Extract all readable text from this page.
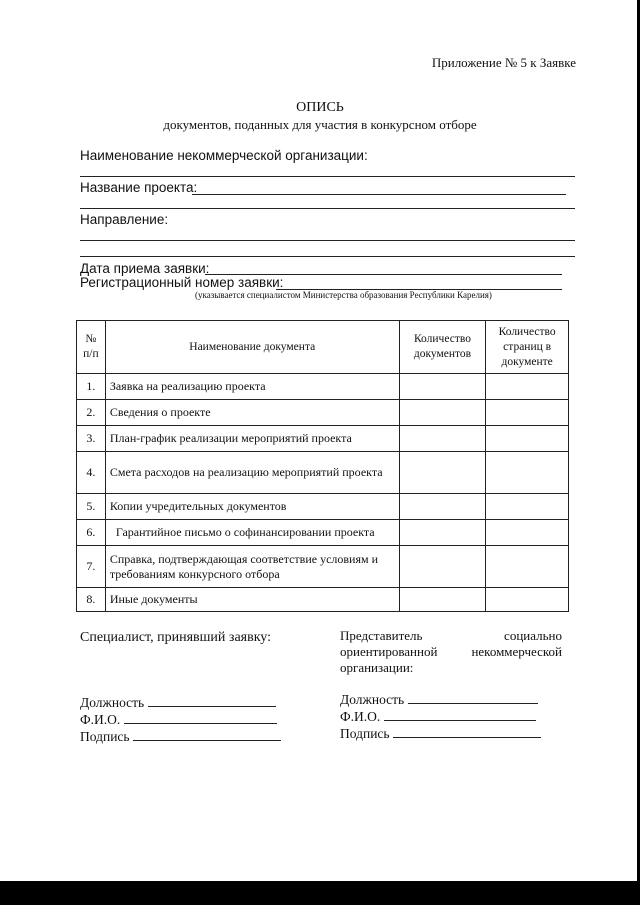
Приложение № 5 к Заявке
ОПИСЬ
документов, поданных для участия в конкурсном отборе
Наименование некоммерческой организации:
Название проекта:
Направление:
Дата приема заявки:
Регистрационный номер заявки:
(указывается специалистом Министерства образования Республики Карелия)
№ п/п	Наименование документа	Количество документов	Количество страниц в документе
1.	Заявка на реализацию проекта		
2.	Сведения о проекте		
3.	План-график реализации мероприятий проекта		
4.	Смета расходов на реализацию мероприятий проекта		
5.	Копии учредительных документов		
6.	Гарантийное письмо о софинансировании проекта		
7.	Справка, подтверждающая соответствие условиям и требованиям конкурсного отбора		
8.	Иные документы		
Специалист, принявший заявку:
Должность
Ф.И.О.
Подпись
Представитель	социально
ориентированной	некоммерческой
организации:
Должность
Ф.И.О.
Подпись
